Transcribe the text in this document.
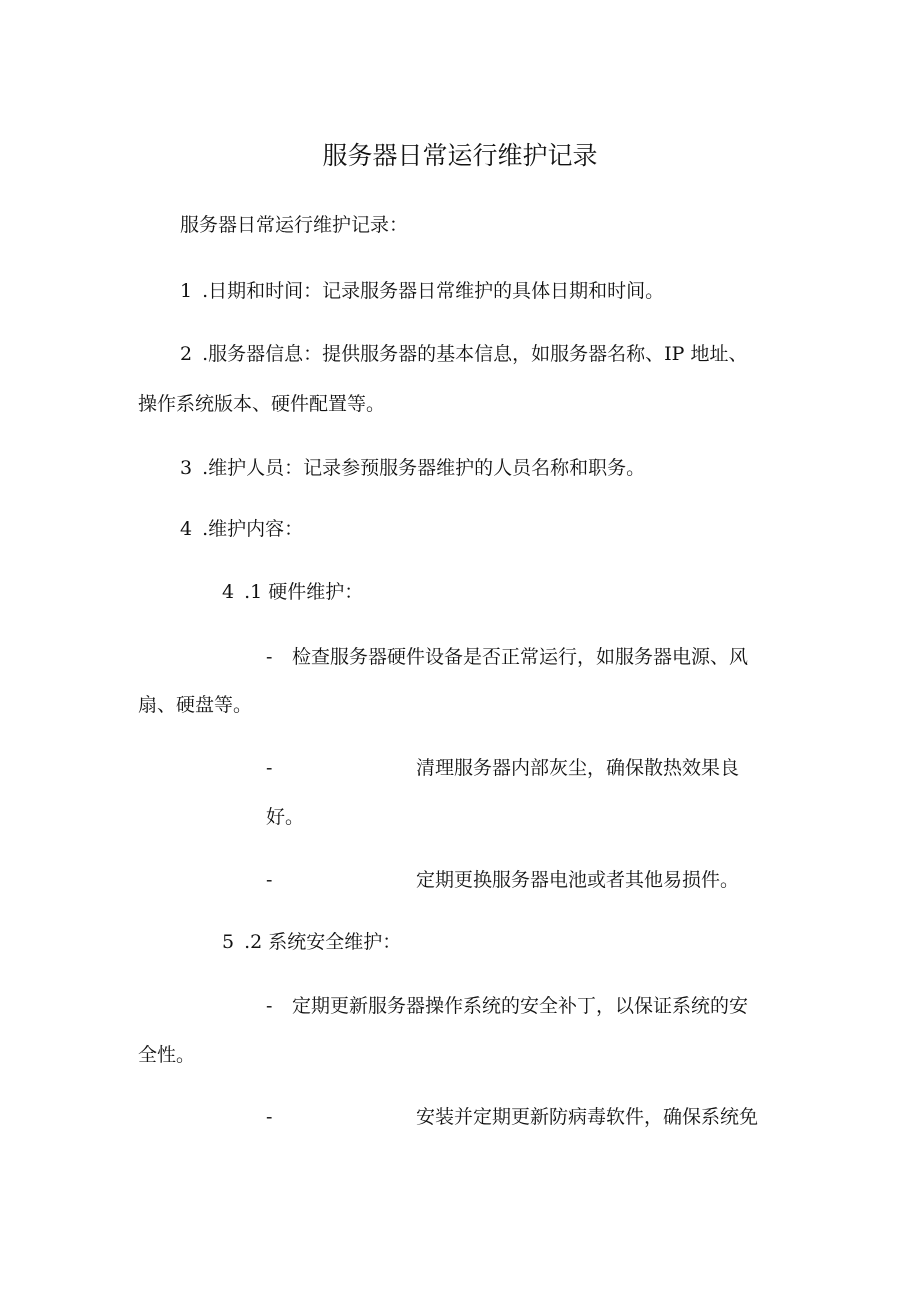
服务器日常运行维护记录
服务器日常运行维护记录：
1 .日期和时间：记录服务器日常维护的具体日期和时间。
2 .服务器信息：提供服务器的基本信息，如服务器名称、IP 地址、
操作系统版本、硬件配置等。
3 .维护人员：记录参预服务器维护的人员名称和职务。
4 .维护内容：
4 .1 硬件维护：
- 检查服务器硬件设备是否正常运行，如服务器电源、风
扇、硬盘等。
-	清理服务器内部灰尘，确保散热效果良
好。
-	定期更换服务器电池或者其他易损件。
5 .2 系统安全维护：
- 定期更新服务器操作系统的安全补丁，以保证系统的安
全性。
-	安装并定期更新防病毒软件，确保系统免
